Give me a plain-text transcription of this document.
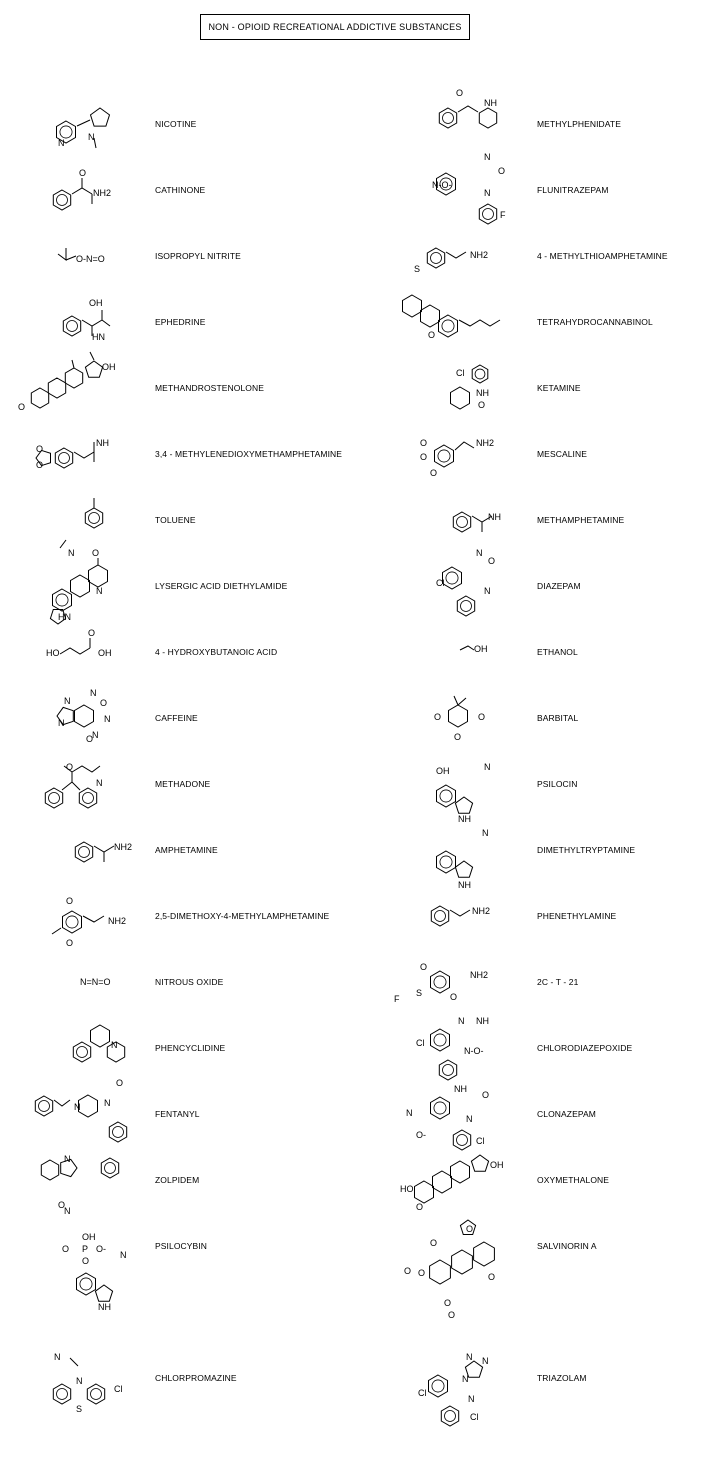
NON - OPIOID RECREATIONAL ADDICTIVE SUBSTANCES
N
N
O
NH2
O-N=O
OH
HN
O
OH
O
O
NH
HN
N
O
N
HO
O
OH
N
N
N
N
O
O
N
O
N
NH2
O
O
NH2
N=N=O
N
N	N
O
N
O
N
P
OH
O	O-
O
NH
N
N
S
Cl
N
NH
O
N
O
N
N-O-
F
S
NH2
O
Cl
NH
O
O
O
O
NH2
NH
Cl
N
O
N
OH
O	O
O
NH
OH	N
NH
N
NH2
O
O
S
F
NH2
Cl
N NH
N-O-
N
O-
NH
O
N
Cl
HO
O
OH
O
O
O
O
O
O
O
Cl
N N
N
N
Cl
NICOTINE
CATHINONE
ISOPROPYL NITRITE
EPHEDRINE
METHANDROSTENOLONE
3,4 - METHYLENEDIOXYMETHAMPHETAMINE
TOLUENE
LYSERGIC ACID DIETHYLAMIDE
4 - HYDROXYBUTANOIC ACID
CAFFEINE
METHADONE
AMPHETAMINE
2,5-DIMETHOXY-4-METHYLAMPHETAMINE
NITROUS OXIDE
PHENCYCLIDINE
FENTANYL
ZOLPIDEM
PSILOCYBIN
CHLORPROMAZINE
METHYLPHENIDATE
FLUNITRAZEPAM
4 - METHYLTHIOAMPHETAMINE
TETRAHYDROCANNABINOL
KETAMINE
MESCALINE
METHAMPHETAMINE
DIAZEPAM
ETHANOL
BARBITAL
PSILOCIN
DIMETHYLTRYPTAMINE
PHENETHYLAMINE
2C - T - 21
CHLORODIAZEPOXIDE
CLONAZEPAM
OXYMETHALONE
SALVINORIN A
TRIAZOLAM
